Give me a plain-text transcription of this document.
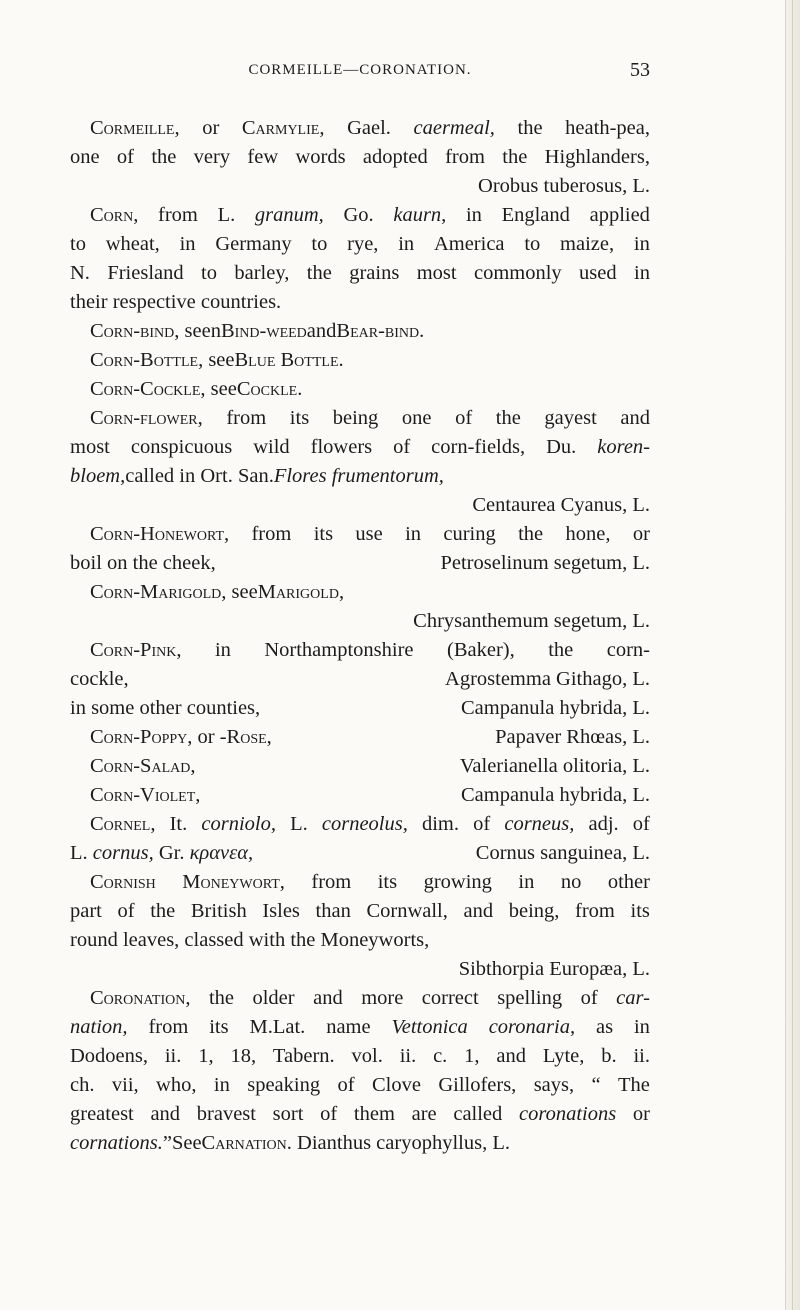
CORMEILLE—CORONATION.	53
Cormeille, or Carmylie, Gael. caermeal, the heath-pea,
one of the very few words adopted from the Highlanders,
Orobus tuberosus, L.
Corn, from L. granum, Go. kaurn, in England applied
to wheat, in Germany to rye, in America to maize, in
N. Friesland to barley, the grains most commonly used in
their respective countries.
Corn-bind , seen Bind-weed and Bear-bind .
Corn-Bottle , see Blue Bottle .
Corn-Cockle , see Cockle .
Corn-flower, from its being one of the gayest and
most conspicuous wild flowers of corn-fields, Du. koren-
bloem, called in Ort. San. Flores frumentorum,
Centaurea Cyanus, L.
Corn-Honewort, from its use in curing the hone, or
boil on the cheek,	Petroselinum segetum, L.
Corn-Marigold , see Marigold ,
Chrysanthemum segetum, L.
Corn-Pink, in Northamptonshire (Baker), the corn-
cockle,	Agrostemma Githago, L.
in some other counties,	Campanula hybrida, L.
Corn-Poppy, or -Rose,	Papaver Rhœas, L.
Corn-Salad,	Valerianella olitoria, L.
Corn-Violet,	Campanula hybrida, L.
Cornel, It. corniolo, L. corneolus, dim. of corneus, adj. of
L. cornus, Gr. κρανεα,	Cornus sanguinea, L.
Cornish Moneywort, from its growing in no other
part of the British Isles than Cornwall, and being, from its
round leaves, classed with the Moneyworts,
Sibthorpia Europæa, L.
Coronation, the older and more correct spelling of car-
nation, from its M.Lat. name Vettonica coronaria, as in
Dodoens, ii. 1, 18, Tabern. vol. ii. c. 1, and Lyte, b. ii.
ch. vii, who, in speaking of Clove Gillofers, says, “ The
greatest and bravest sort of them are called coronations or
cornations. ” See Carnation . Dianthus caryophyllus, L.
